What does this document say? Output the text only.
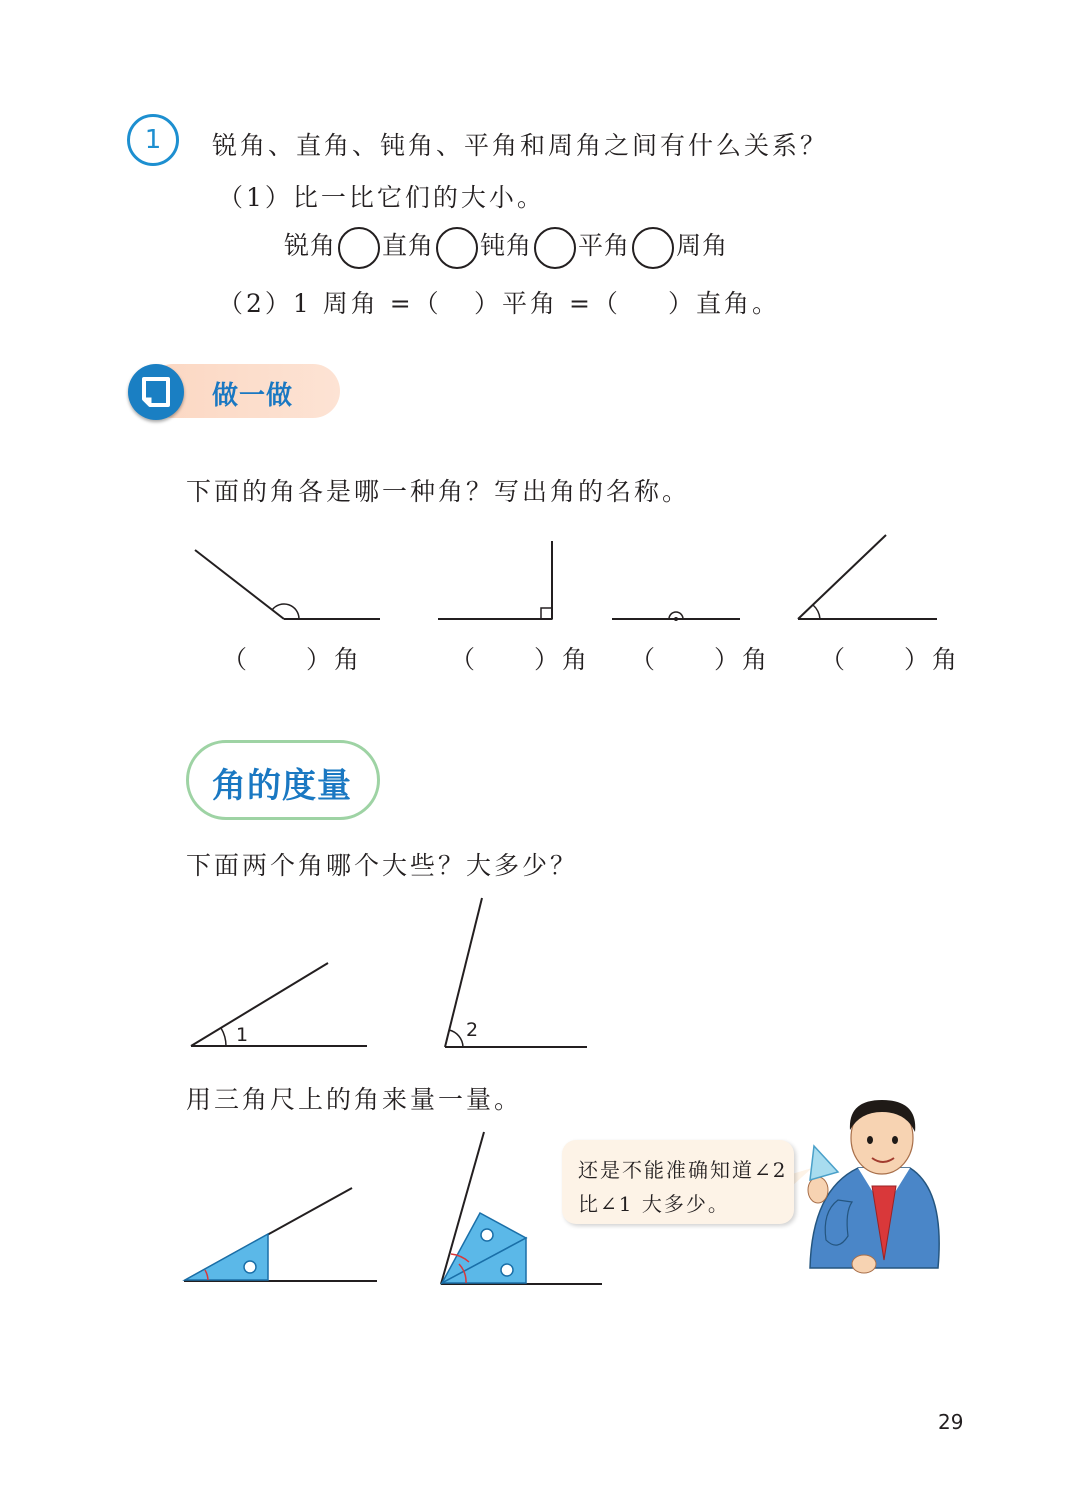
1	锐角、直角、钝角、平角和周角之间有什么关系？
（1）比一比它们的大小。
锐角 直角 钝角 平角 周角
（2）1 周角 =（ ）平角 =（ ）直角。
做一做
下面的角各是哪一种角？写出角的名称。
（　　）角	（　　）角 （　　）角 （　　）角
角的度量
下面两个角哪个大些？大多少？
1	2
用三角尺上的角来量一量。
还是不能准确知道∠2
比∠1 大多少。
29
